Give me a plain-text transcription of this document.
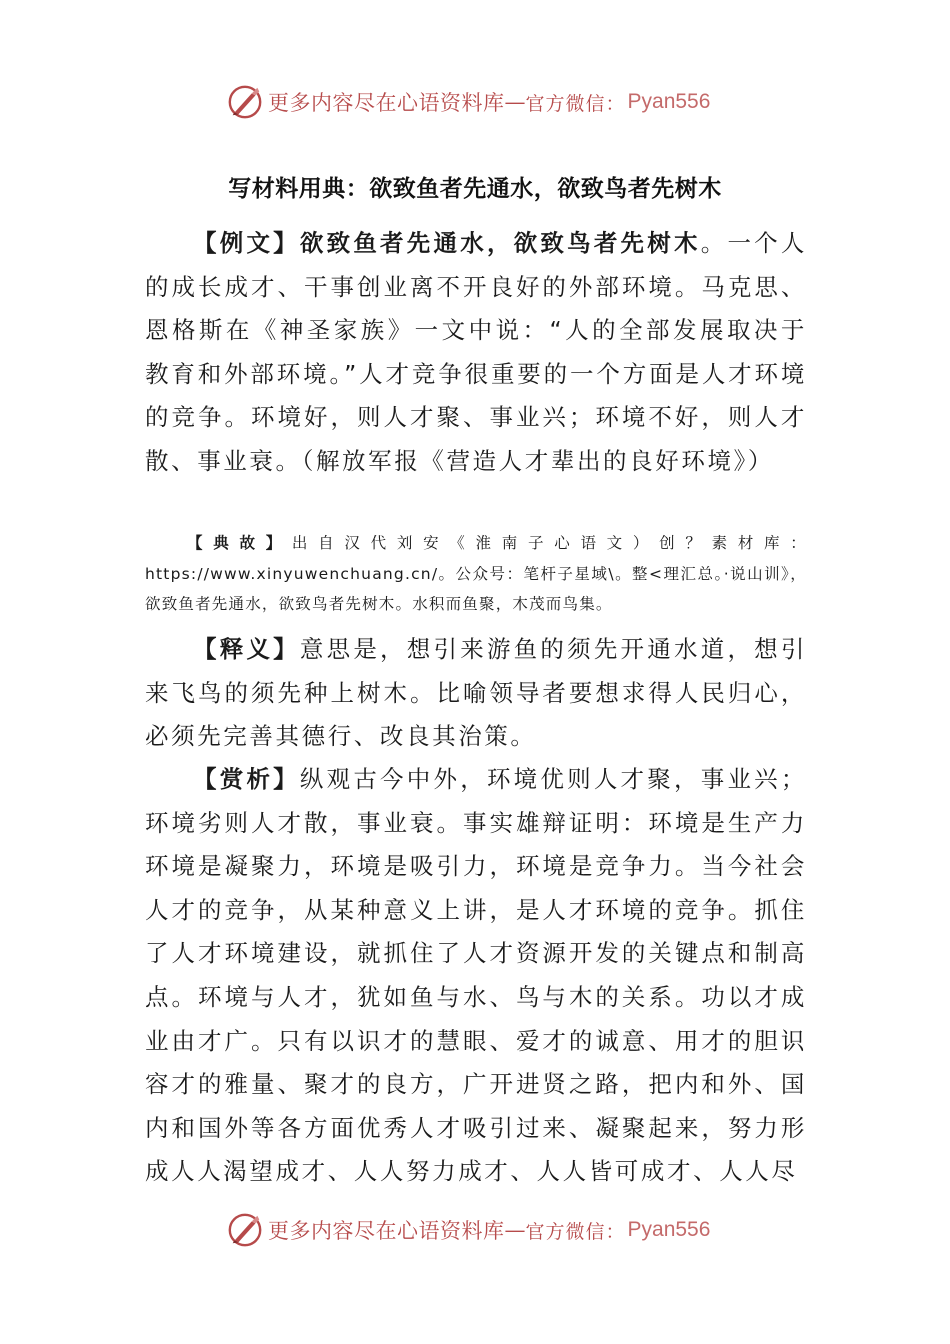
更多内容尽在心语资料库 — 官方微信： Pyan556
写材料用典：欲致鱼者先通水，欲致鸟者先树木
【例文】欲致鱼者先通水，欲致鸟者先树木。一个人的成长成才、干事创业离不开良好的外部环境。马克思、恩格斯在《神圣家族》一文中说：“人的全部发展取决于教育和外部环境。”人才竞争很重要的一个方面是人才环境的竞争。环境好，则人才聚、事业兴；环境不好，则人才散、事业衰。（解放军报《营造人才辈出的良好环境》）
【典故】出自汉代刘安《淮南子心语文）创？素材库：https://www.xinyuwenchuang.cn/。公众号：笔杆子星域\。整<理汇总。·说山训》，欲致鱼者先通水，欲致鸟者先树木。水积而鱼聚，木茂而鸟集。
【释义】意思是，想引来游鱼的须先开通水道，想引来飞鸟的须先种上树木。比喻领导者要想求得人民归心，必须先完善其德行、改良其治策。
【赏析】纵观古今中外，环境优则人才聚，事业兴；环境劣则人才散，事业衰。事实雄辩证明：环境是生产力环境是凝聚力，环境是吸引力，环境是竞争力。当今社会人才的竞争，从某种意义上讲，是人才环境的竞争。抓住了人才环境建设，就抓住了人才资源开发的关键点和制高点。环境与人才，犹如鱼与水、鸟与木的关系。功以才成业由才广。只有以识才的慧眼、爱才的诚意、用才的胆识容才的雅量、聚才的良方，广开进贤之路，把内和外、国内和国外等各方面优秀人才吸引过来、凝聚起来，努力形成人人渴望成才、人人努力成才、人人皆可成才、人人尽
更多内容尽在心语资料库 — 官方微信： Pyan556
